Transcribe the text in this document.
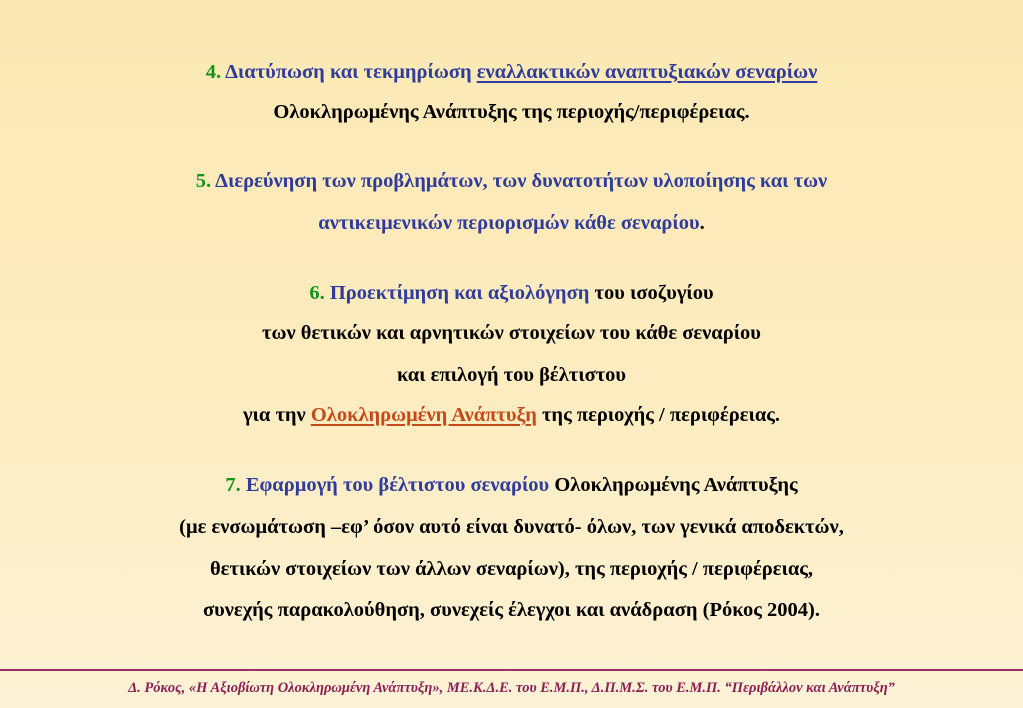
4. Διατύπωση και τεκμηρίωση εναλλακτικών αναπτυξιακών σεναρίων
Ολοκληρωμένης Ανάπτυξης της περιοχής/περιφέρειας.
5. Διερεύνηση των προβλημάτων, των δυνατοτήτων υλοποίησης και των
αντικειμενικών περιορισμών κάθε σεναρίου.
6. Προεκτίμηση και αξιολόγηση του ισοζυγίου
των θετικών και αρνητικών στοιχείων του κάθε σεναρίου
και επιλογή του βέλτιστου
για την Ολοκληρωμένη Ανάπτυξη της περιοχής / περιφέρειας.
7. Εφαρμογή του βέλτιστου σεναρίου Ολοκληρωμένης Ανάπτυξης
(με ενσωμάτωση –εφ’ όσον αυτό είναι δυνατό- όλων, των γενικά αποδεκτών,
θετικών στοιχείων των άλλων σεναρίων), της περιοχής / περιφέρειας,
συνεχής παρακολούθηση, συνεχείς έλεγχοι και ανάδραση (Ρόκος 2004).
Δ. Ρόκος, «Η Αξιοβίωτη Ολοκληρωμένη Ανάπτυξη», ΜΕ.Κ.Δ.Ε. του Ε.Μ.Π., Δ.Π.Μ.Σ. του Ε.Μ.Π. “Περιβάλλον και Ανάπτυξη”
